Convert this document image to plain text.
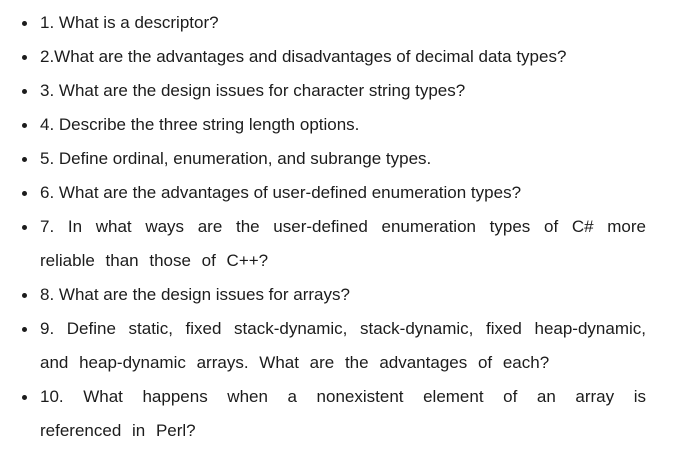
1. What is a descriptor?
2.What are the advantages and disadvantages of decimal data types?
3. What are the design issues for character string types?
4. Describe the three string length options.
5. Define ordinal, enumeration, and subrange types.
6. What are the advantages of user-defined enumeration types?
7. In what ways are the user-defined enumeration types of C# more reliable than those of C++?
8. What are the design issues for arrays?
9. Define static, fixed stack-dynamic, stack-dynamic, fixed heap-dynamic, and heap-dynamic arrays. What are the advantages of each?
10. What happens when a nonexistent element of an array is referenced in Perl?
